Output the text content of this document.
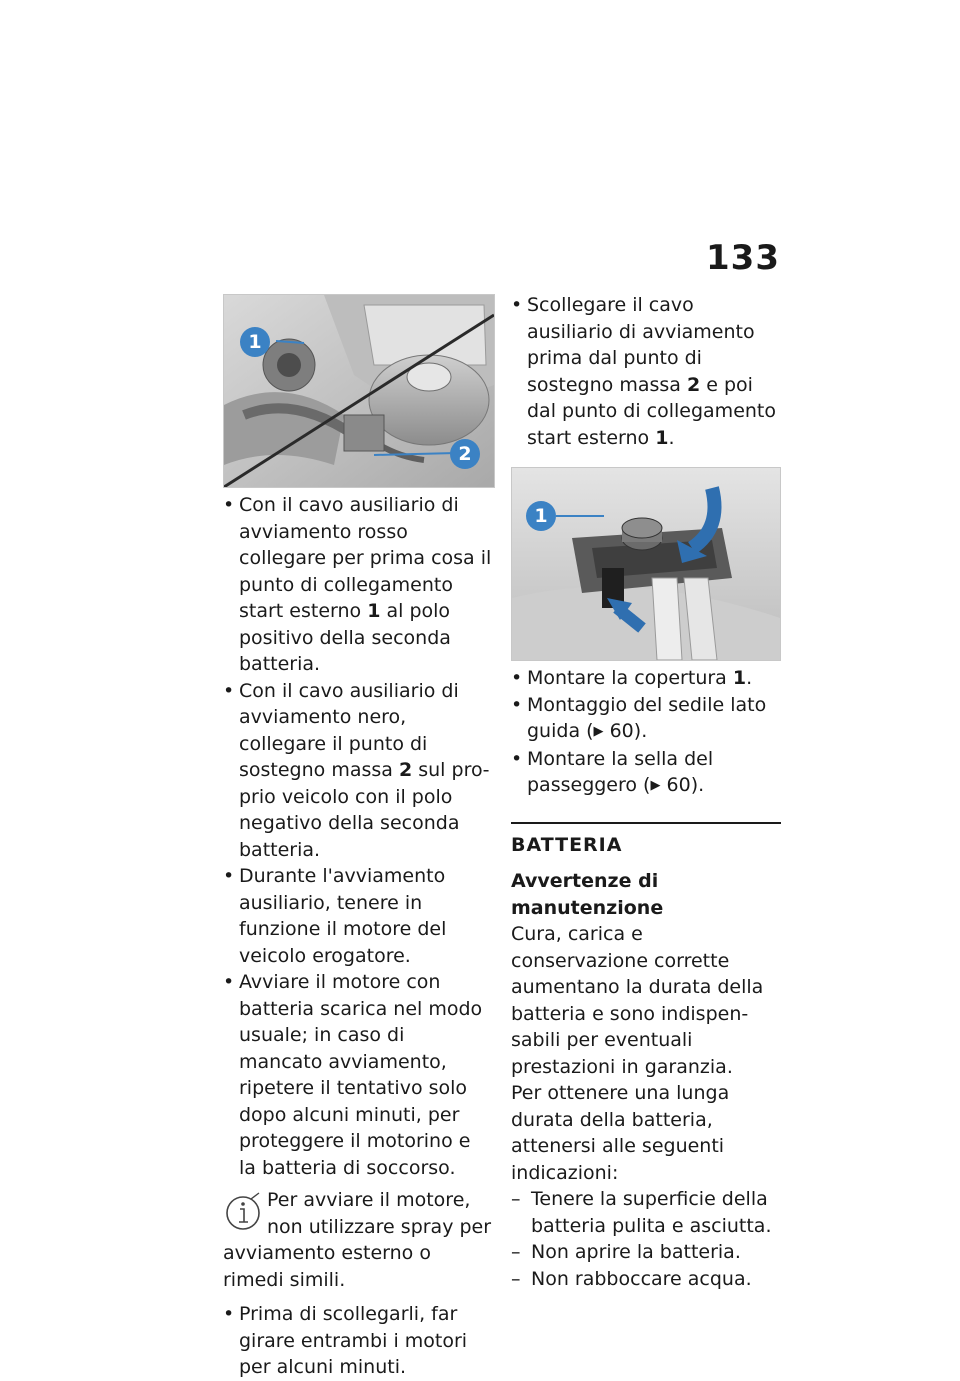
133
1
2
• Con il cavo ausiliario di avviamento rosso collegare per prima cosa il punto di collegamento start esterno 1 al polo positivo della seconda batteria.
• Con il cavo ausiliario di avviamento nero, collegare il punto di sostegno massa 2 sul proprio veicolo con il polo negativo della seconda batteria.
• Durante l'avviamento ausiliario, tenere in funzione il motore del veicolo erogatore.
• Avviare il motore con batteria scarica nel modo usuale; in caso di mancato avviamento, ripetere il tentativo solo dopo alcuni minuti, per proteggere il motorino e la batteria di soccorso.
Per avviare il motore, non utilizzare spray per avviamento esterno o rimedi simili.
• Prima di scollegarli, far girare entrambi i motori per alcuni minuti.
• Scollegare il cavo ausiliario di avviamento prima dal punto di sostegno massa 2 e poi dal punto di collegamento start esterno 1.
1
• Montare la copertura 1.
• Montaggio del sedile lato guida (▶ 60).
• Montare la sella del passeggero (▶ 60).
BATTERIA
Avvertenze di manutenzione

Cura, carica e conservazione corrette aumentano la durata della batteria e sono indispensabili per eventuali prestazioni in garanzia.

Per ottenere una lunga durata della batteria, attenersi alle seguenti indicazioni:

– Tenere la superficie della batteria pulita e asciutta.
– Non aprire la batteria.
– Non rabboccare acqua.
